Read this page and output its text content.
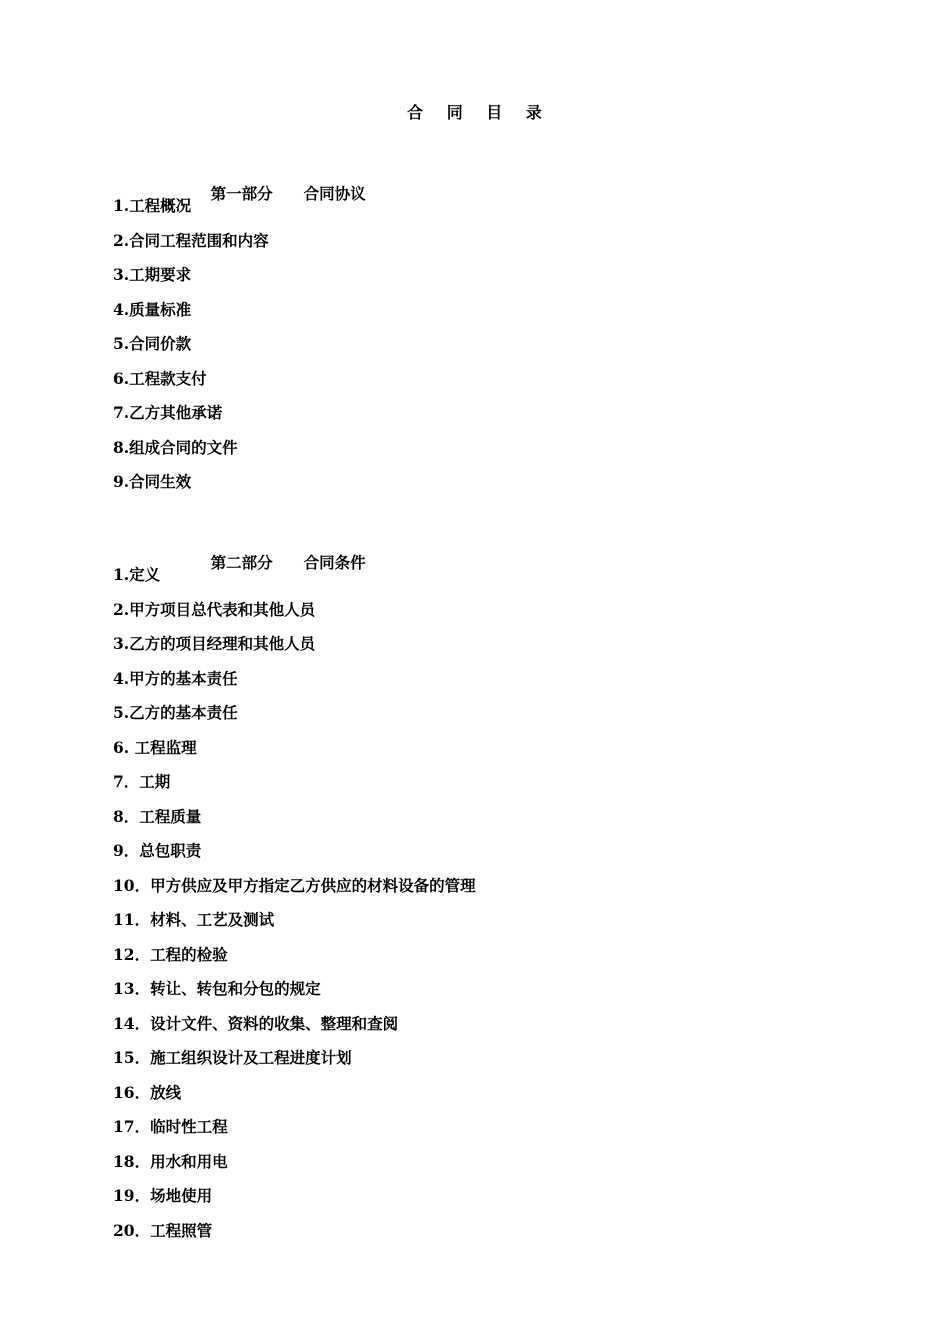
合 同 目 录

第一部分 合同协议

1.工程概况
2.合同工程范围和内容
3.工期要求
4.质量标准
5.合同价款
6.工程款支付
7.乙方其他承诺
8.组成合同的文件
9.合同生效

第二部分 合同条件

1.定义
2.甲方项目总代表和其他人员
3.乙方的项目经理和其他人员
4.甲方的基本责任
5.乙方的基本责任
6. 工程监理
7．工期
8．工程质量
9．总包职责
10．甲方供应及甲方指定乙方供应的材料设备的管理
11．材料、工艺及测试
12．工程的检验
13．转让、转包和分包的规定
14．设计文件、资料的收集、整理和查阅
15．施工组织设计及工程进度计划
16．放线
17．临时性工程
18．用水和用电
19．场地使用
20．工程照管
